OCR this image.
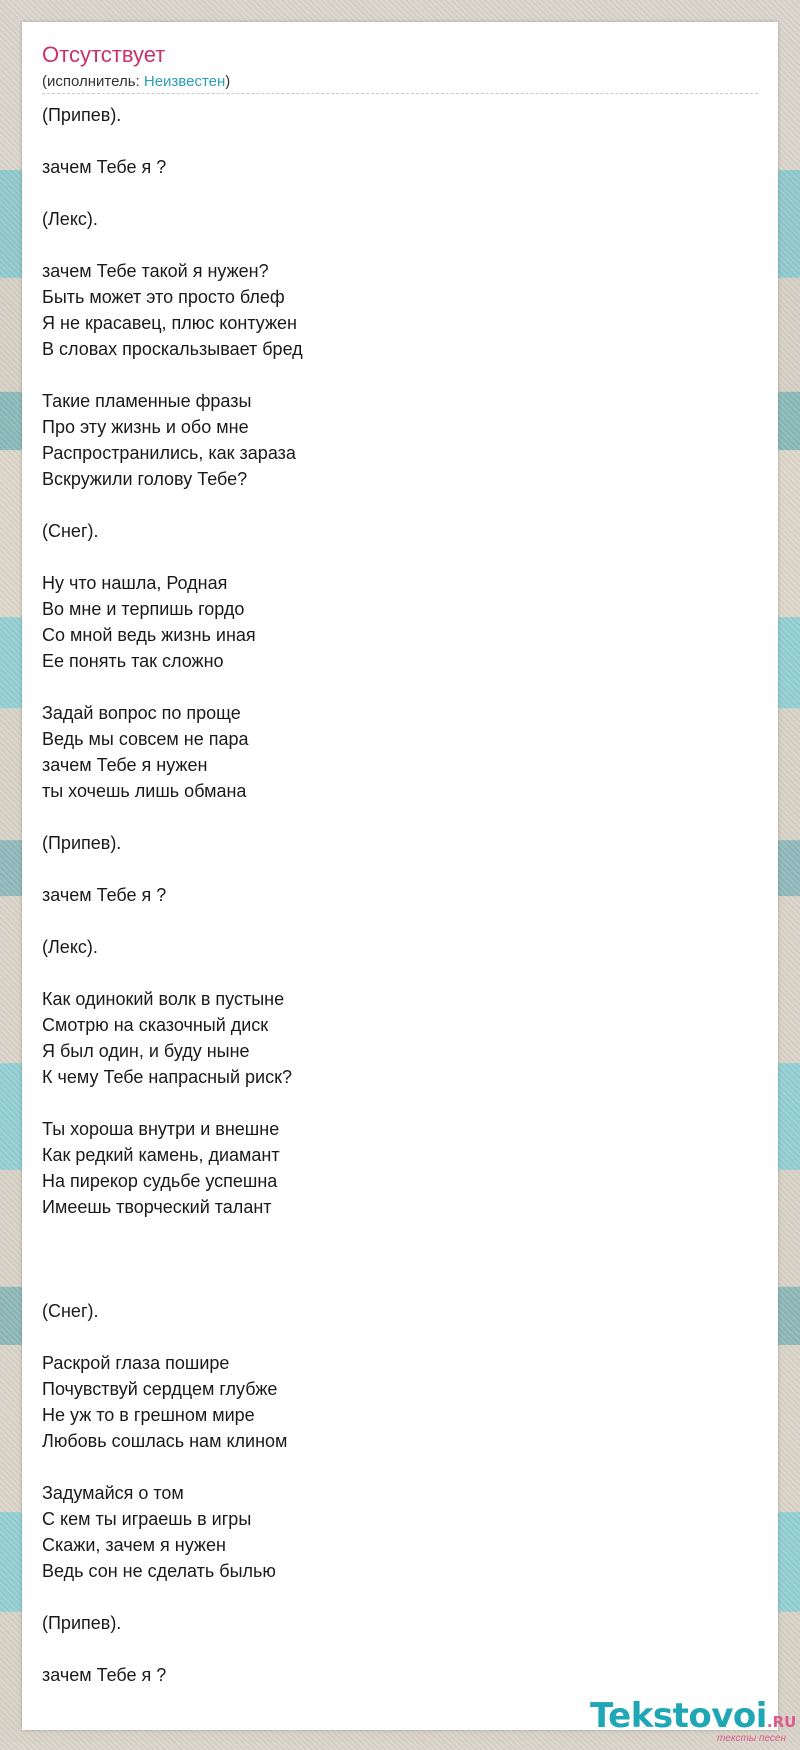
Отсутствует
(исполнитель: Неизвестен)
(Припев).
зачем Тебе я ?
(Лекс).
зачем Тебе такой я нужен?
Быть может это просто блеф
Я не красавец, плюс контужен
В словах проскальзывает бред
Такие пламенные фразы
Про эту жизнь и обо мне
Распространились, как зараза
Вскружили голову Тебе?
(Снег).
Ну что нашла, Родная
Во мне и терпишь гордо
Со мной ведь жизнь иная
Ее понять так сложно
Задай вопрос по проще
Ведь мы совсем не пара
зачем Тебе я нужен
ты хочешь лишь обмана
(Припев).
зачем Тебе я ?
(Лекс).
Как одинокий волк в пустыне
Смотрю на сказочный диск
Я был один, и буду ныне
К чему Тебе напрасный риск?
Ты хороша внутри и внешне
Как редкий камень, диамант
На пирекор судьбе успешна
Имеешь творческий талант
(Снег).
Раскрой глаза пошире
Почувствуй сердцем глубже
Не уж то в грешном мире
Любовь сошлась нам клином
Задумайся о том
С кем ты играешь в игры
Скажи, зачем я нужен
Ведь сон не сделать былью
(Припев).
зачем Тебе я ?
Tekstovoi.RU
тексты песен
